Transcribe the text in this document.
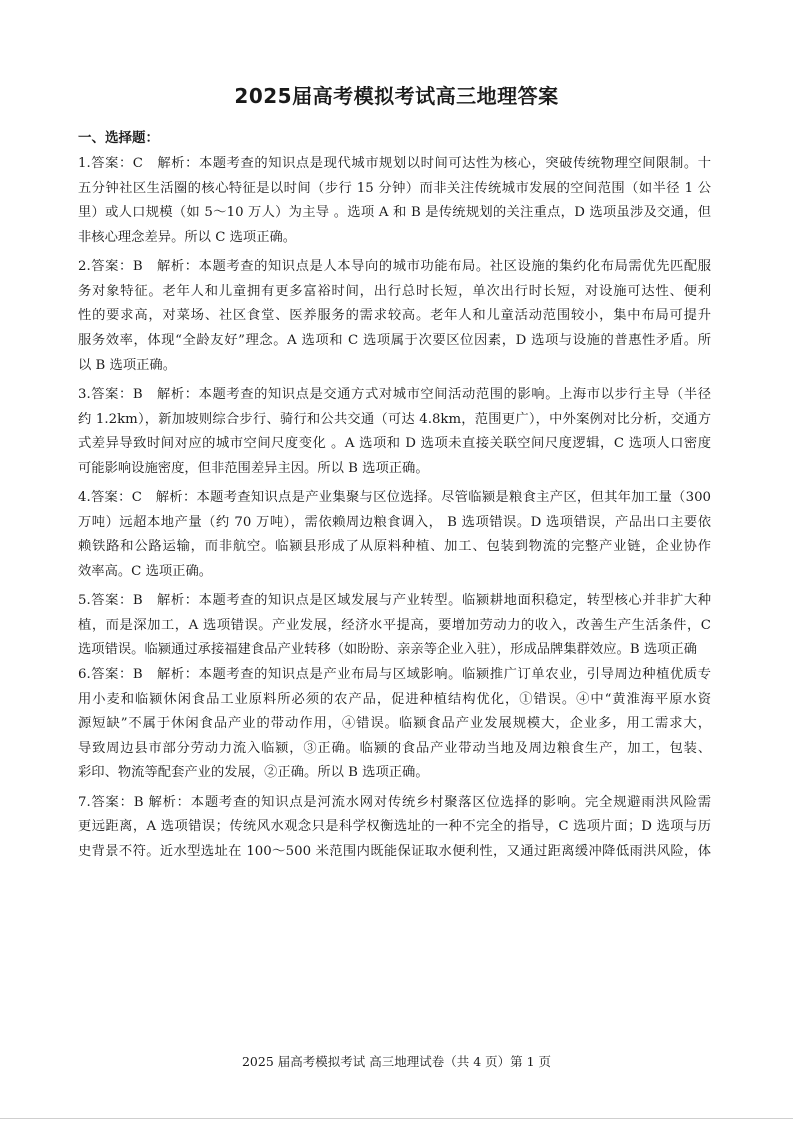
2025届高考模拟考试高三地理答案
一、选择题：
1.答案：C　解析：本题考查的知识点是现代城市规划以时间可达性为核心，突破传统物理空间限制。十
五分钟社区生活圈的核心特征是以时间（步行 15 分钟）而非关注传统城市发展的空间范围（如半径 1 公
里）或人口规模（如 5～10 万人）为主导 。选项 A 和 B 是传统规划的关注重点，D 选项虽涉及交通，但
非核心理念差异。所以 C 选项正确。
2.答案：B　解析：本题考查的知识点是人本导向的城市功能布局。社区设施的集约化布局需优先匹配服
务对象特征。老年人和儿童拥有更多富裕时间，出行总时长短，单次出行时长短，对设施可达性、便利
性的要求高，对菜场、社区食堂、医养服务的需求较高。老年人和儿童活动范围较小，集中布局可提升
服务效率，体现“全龄友好”理念。A 选项和 C 选项属于次要区位因素，D 选项与设施的普惠性矛盾。所
以 B 选项正确。
3.答案：B　解析：本题考查的知识点是交通方式对城市空间活动范围的影响。上海市以步行主导（半径
约 1.2km），新加坡则综合步行、骑行和公共交通（可达 4.8km，范围更广），中外案例对比分析，交通方
式差异导致时间对应的城市空间尺度变化 。A 选项和 D 选项未直接关联空间尺度逻辑，C 选项人口密度
可能影响设施密度，但非范围差异主因。所以 B 选项正确。
4.答案：C　解析：本题考查知识点是产业集聚与区位选择。尽管临颍是粮食主产区，但其年加工量（300
万吨）远超本地产量（约 70 万吨），需依赖周边粮食调入， B 选项错误。D 选项错误，产品出口主要依
赖铁路和公路运输，而非航空。临颍县形成了从原料种植、加工、包装到物流的完整产业链，企业协作
效率高。C 选项正确。
5.答案：B　解析：本题考查的知识点是区域发展与产业转型。临颍耕地面积稳定，转型核心并非扩大种
植，而是深加工，A 选项错误。产业发展，经济水平提高，要增加劳动力的收入，改善生产生活条件，C
选项错误。临颍通过承接福建食品产业转移（如盼盼、亲亲等企业入驻），形成品牌集群效应。B 选项正确
6.答案：B　解析：本题考查的知识点是产业布局与区域影响。临颍推广订单农业，引导周边种植优质专
用小麦和临颍休闲食品工业原料所必须的农产品，促进种植结构优化，①错误。④中“黄淮海平原水资
源短缺”不属于休闲食品产业的带动作用，④错误。临颍食品产业发展规模大，企业多，用工需求大，
导致周边县市部分劳动力流入临颍，③正确。临颍的食品产业带动当地及周边粮食生产，加工，包装、
彩印、物流等配套产业的发展，②正确。所以 B 选项正确。
7.答案：B 解析：本题考查的知识点是河流水网对传统乡村聚落区位选择的影响。完全规避雨洪风险需
更远距离，A 选项错误；传统风水观念只是科学权衡选址的一种不完全的指导，C 选项片面；D 选项与历
史背景不符。近水型选址在 100～500 米范围内既能保证取水便利性，又通过距离缓冲降低雨洪风险，体
2025 届高考模拟考试 高三地理试卷（共 4 页）第 1 页
